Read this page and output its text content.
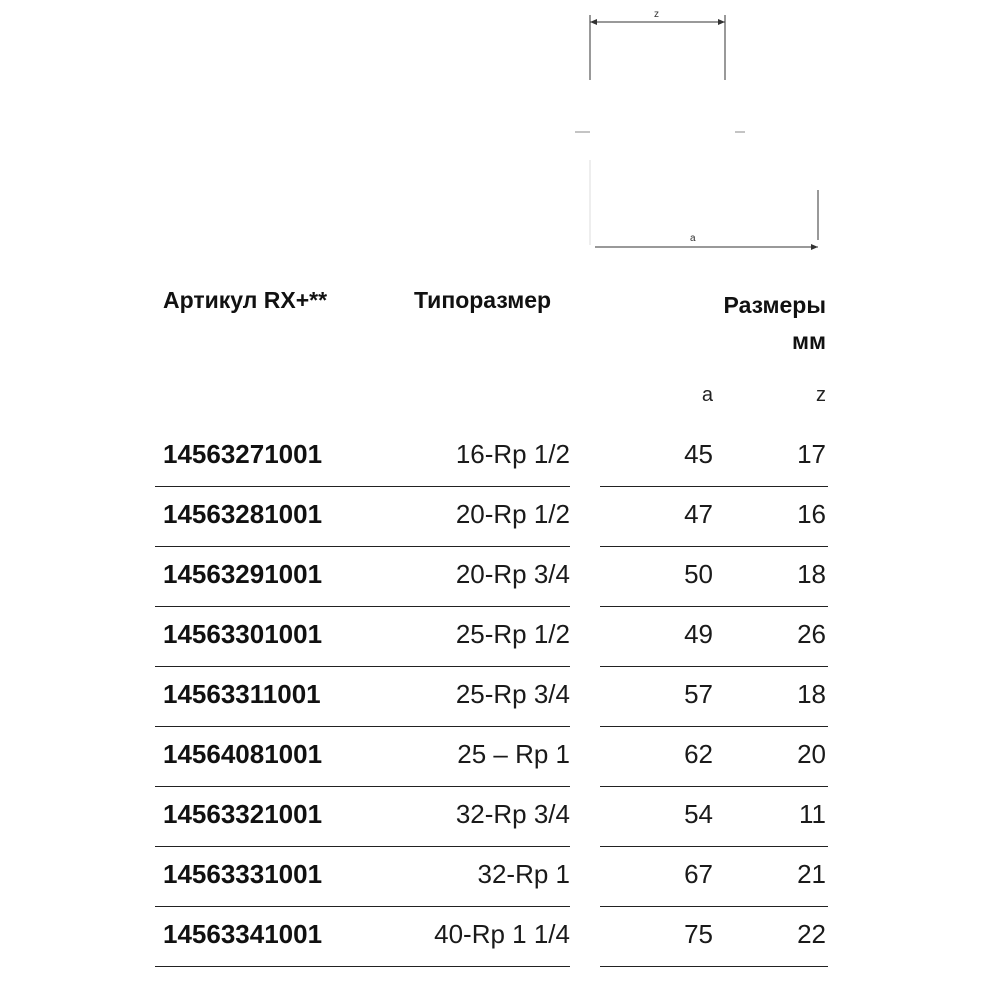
z
a
Артикул RX+**	Типоразмер	Размеры
мм
a	z
14563271001	16-Rp 1/2	45	17
14563281001	20-Rp 1/2	47	16
14563291001	20-Rp 3/4	50	18
14563301001	25-Rp 1/2	49	26
14563311001	25-Rp 3/4	57	18
14564081001	25 – Rp 1	62	20
14563321001	32-Rp 3/4	54	11
14563331001	32-Rp 1	67	21
14563341001	40-Rp 1 1/4	75	22
